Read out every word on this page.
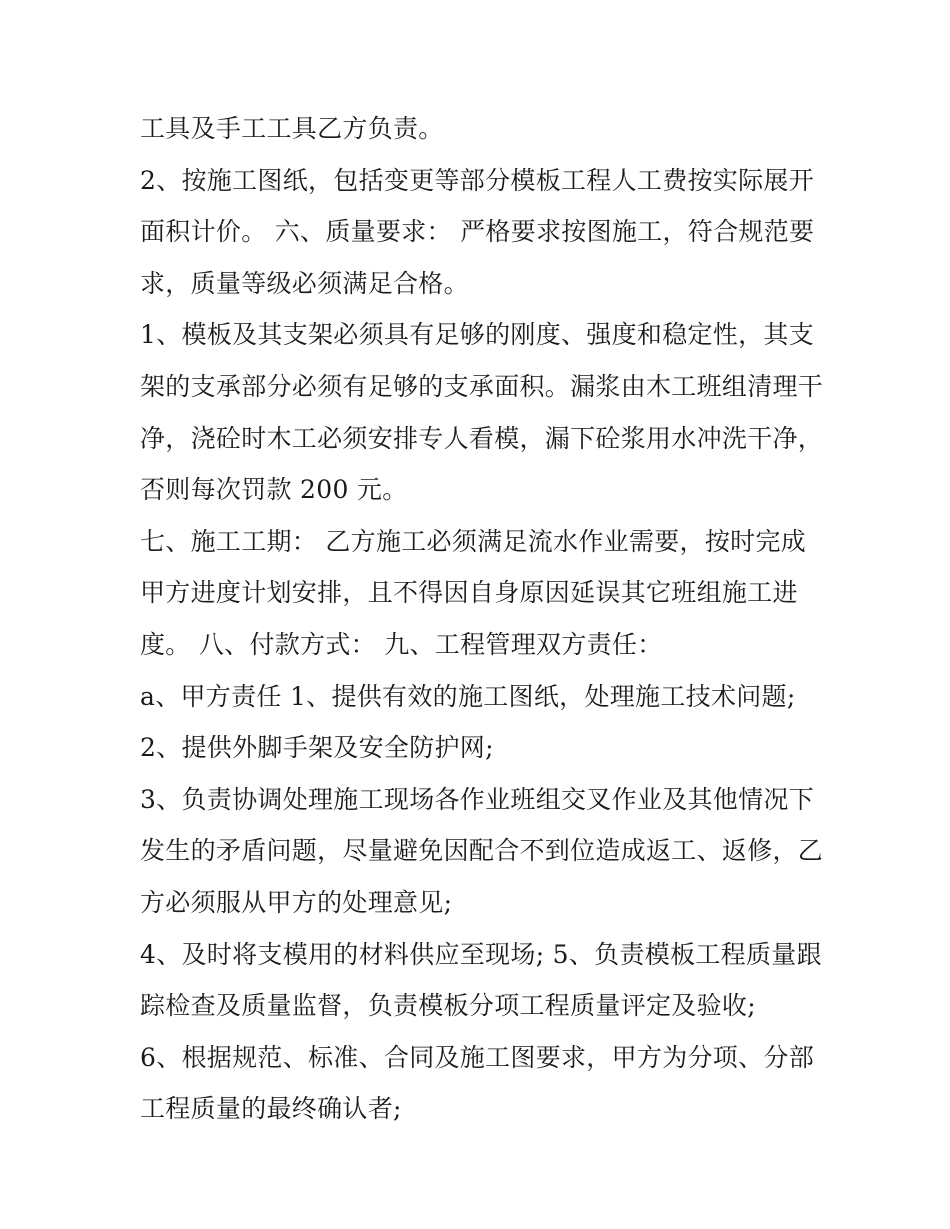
工具及手工工具乙方负责。
2、按施工图纸，包括变更等部分模板工程人工费按实际展开
面积计价。 六、质量要求： 严格要求按图施工，符合规范要
求，质量等级必须满足合格。
1、模板及其支架必须具有足够的刚度、强度和稳定性，其支
架的支承部分必须有足够的支承面积。漏浆由木工班组清理干
净，浇砼时木工必须安排专人看模，漏下砼浆用水冲洗干净，
否则每次罚款 200 元。
七、施工工期： 乙方施工必须满足流水作业需要，按时完成
甲方进度计划安排，且不得因自身原因延误其它班组施工进
度。 八、付款方式： 九、工程管理双方责任：
a、甲方责任 1、提供有效的施工图纸，处理施工技术问题;
2、提供外脚手架及安全防护网;
3、负责协调处理施工现场各作业班组交叉作业及其他情况下
发生的矛盾问题，尽量避免因配合不到位造成返工、返修，乙
方必须服从甲方的处理意见;
4、及时将支模用的材料供应至现场; 5、负责模板工程质量跟
踪检查及质量监督，负责模板分项工程质量评定及验收;
6、根据规范、标准、合同及施工图要求，甲方为分项、分部
工程质量的最终确认者;
